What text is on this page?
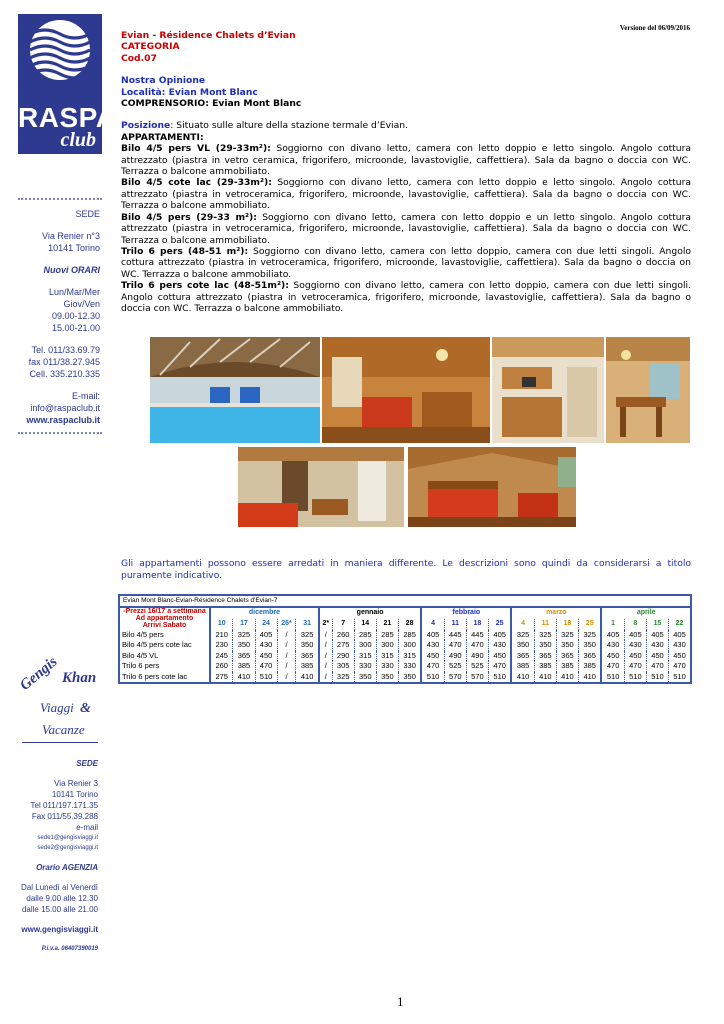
RASPA
club
SEDE
Via Renier n°3
10141 Torino
Nuovi ORARI
Lun/Mar/Mer
Giov/Ven
09.00-12.30
15.00-21.00
Tel. 011/33.69.79
fax 011/38.27.945
Cell. 335.210.335
E-mail:
info@raspaclub.it
www.raspaclub.it
Gengis Khan
Viaggi &
Vacanze
SEDE
Via Renier 3
10141 Torino
Tel 011/197.171.35
Fax 011/55.39.288
e-mail
sede1@gengisviaggi.it
sede2@gengisviaggi.it
Orario AGENZIA
Dal Lunedì al Venerdì
dalle 9.00 alle 12.30
dalle 15.00 alle 21.00
www.gengisviaggi.it
P.i.v.a. 06407390019
Versione del 06/09/2016
Evian - Résidence Chalets d’Evian
CATEGORIA
Cod.07
Nostra Opinione
Località: Evian Mont Blanc
COMPRENSORIO: Evian Mont Blanc
Posizione: Situato sulle alture della stazione termale d’Evian.
APPARTAMENTI:
Bilo 4/5 pers VL (29-33m²): Soggiorno con divano letto, camera con letto doppio e letto singolo. Angolo cottura attrezzato (piastra in vetro ceramica, frigorifero, microonde, lavastoviglie, caffettiera). Sala da bagno o doccia con WC. Terrazza o balcone ammobiliato.
Bilo 4/5 cote lac (29-33m²): Soggiorno con divano letto, camera con letto doppio e letto singolo. Angolo cottura attrezzato (piastra in vetroceramica, frigorifero, microonde, lavastoviglie, caffettiera). Sala da bagno o doccia con WC. Terrazza o balcone ammobiliato.
Bilo 4/5 pers (29-33 m²): Soggiorno con divano letto, camera con letto doppio e un letto singolo. Angolo cottura attrezzato (piastra in vetroceramica, frigorifero, microonde, lavastoviglie, caffettiera). Sala da bagno o doccia con WC. Terrazza o balcone ammobiliato.
Trilo 6 pers (48-51 m²): Soggiorno con divano letto, camera con letto doppio, camera con due letti singoli. Angolo cottura attrezzato (piastra in vetroceramica, frigorifero, microonde, lavastoviglie, caffettiera). Sala da bagno o doccia on WC. Terrazza o balcone ammobiliato.
Trilo 6 pers cote lac (48-51m²): Soggiorno con divano letto, camera con letto doppio, camera con due letti singoli. Angolo cottura attrezzato (piastra in vetroceramica, frigorifero, microonde, lavastoviglie, caffettiera). Sala da bagno o doccia con WC. Terrazza o balcone ammobiliato.
Gli appartamenti possono essere arredati in maniera differente. Le descrizioni sono quindi da considerarsi a titolo puramente indicativo.
Evian Mont Blanc-Evian-Résidence Chalets d'Evian-7
-Prezzi 16/17 a settimana
Ad appartamento
Arrivi Sabato	dicembre					gennaio					febbraio				marzo				aprile			
	10	17	24	26*	31	2*	7	14	21	28	4	11	18	25	4	11	18	25	1	8	15	22
Bilo 4/5 pers	210	325	405	/	325	/	260	285	285	285	405	445	445	405	325	325	325	325	405	405	405	405
Bilo 4/5 pers cote lac	230	350	430	/	350	/	275	300	300	300	430	470	470	430	350	350	350	350	430	430	430	430
Bilo 4/5 VL	245	365	450	/	365	/	290	315	315	315	450	490	490	450	365	365	365	365	450	450	450	450
Trilo 6 pers	260	385	470	/	385	/	305	330	330	330	470	525	525	470	385	385	385	385	470	470	470	470
Trilo 6 pers cote lac	275	410	510	/	410	/	325	350	350	350	510	570	570	510	410	410	410	410	510	510	510	510
1
